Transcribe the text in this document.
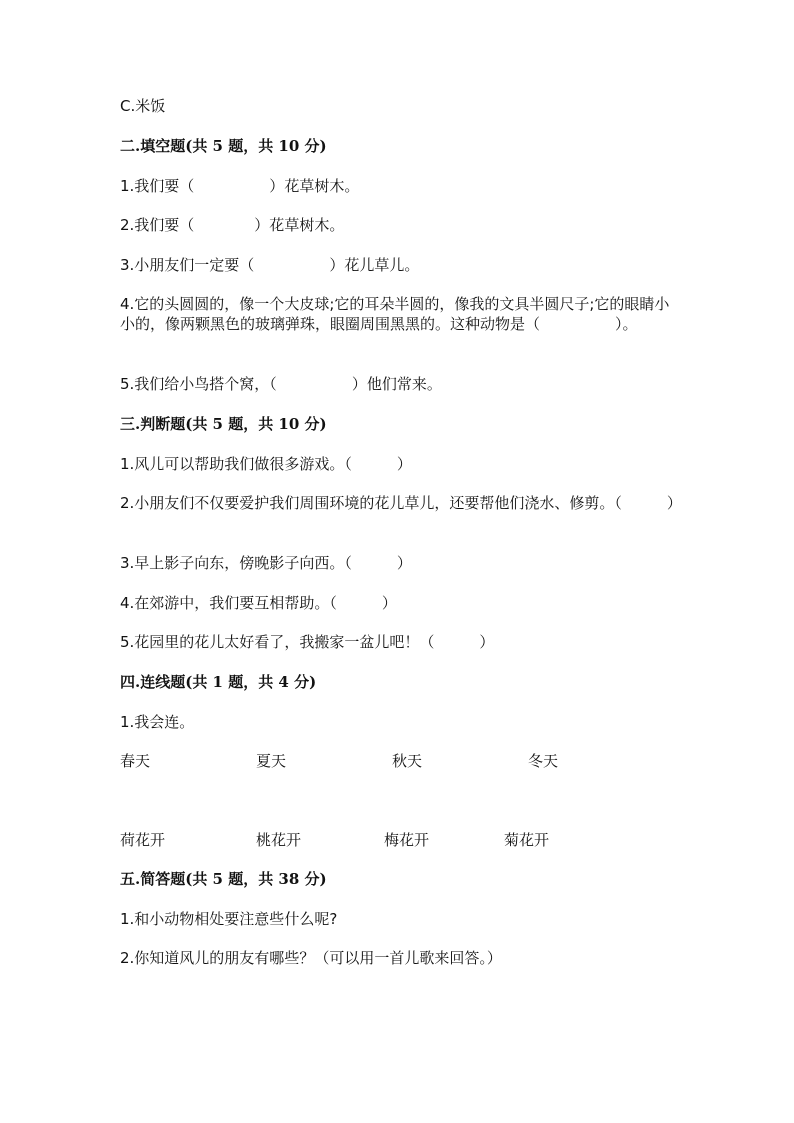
C.米饭
二.填空题(共 5 题，共 10 分)
1.我们要（　　　　　）花草树木。
2.我们要（　　　　）花草树木。
3.小朋友们一定要（　　　　　）花儿草儿。
4.它的头圆圆的，像一个大皮球;它的耳朵半圆的，像我的文具半圆尺子;它的眼睛小小的，像两颗黑色的玻璃弹珠，眼圈周围黑黑的。这种动物是（　　　　　）。
5.我们给小鸟搭个窝，（　　　　　）他们常来。
三.判断题(共 5 题，共 10 分)
1.风儿可以帮助我们做很多游戏。（　　　）
2.小朋友们不仅要爱护我们周围环境的花儿草儿，还要帮他们浇水、修剪。（　　　）
3.早上影子向东，傍晚影子向西。（　　　）
4.在郊游中，我们要互相帮助。（　　　）
5.花园里的花儿太好看了，我搬家一盆儿吧！（　　　）
四.连线题(共 1 题，共 4 分)
1.我会连。
春天	夏天	秋天	冬天
荷花开	桃花开	梅花开	菊花开
五.简答题(共 5 题，共 38 分)
1.和小动物相处要注意些什么呢?
2.你知道风儿的朋友有哪些？（可以用一首儿歌来回答。）
